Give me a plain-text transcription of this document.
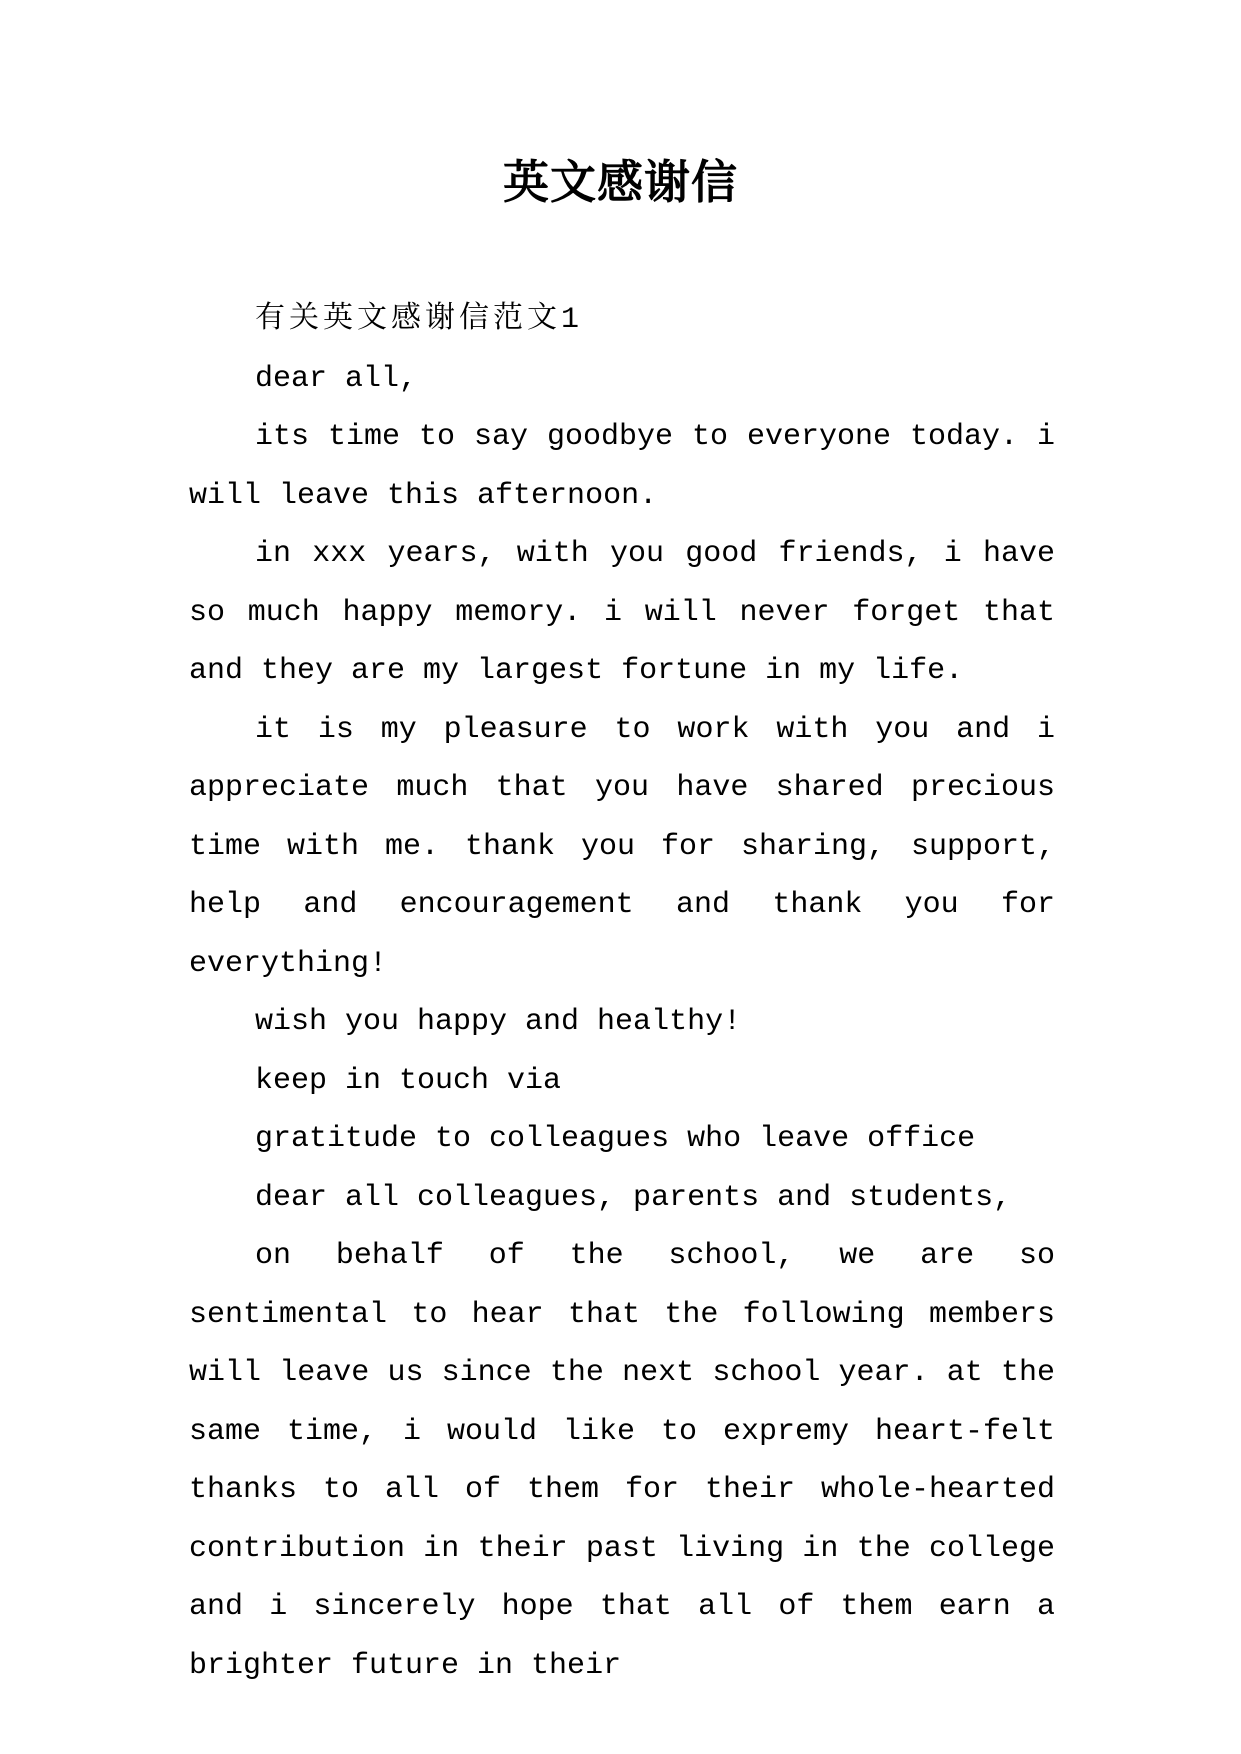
英文感谢信

有关英文感谢信范文1

dear all,

its time to say goodbye to everyone today. i will leave this afternoon.

in xxx years, with you good friends, i have so much happy memory. i will never forget that and they are my largest fortune in my life.

it is my pleasure to work with you and i appreciate much that you have shared precious time with me. thank you for sharing, support, help and encouragement and thank you for everything!

wish you happy and healthy!

keep in touch via

gratitude to colleagues who leave office

dear all colleagues, parents and students,

on behalf of the school, we are so sentimental to hear that the following members will leave us since the next school year. at the same time, i would like to expremy heart-felt thanks to all of them for their whole-hearted contribution in their past living in the college and i sincerely hope that all of them earn a brighter future in their
